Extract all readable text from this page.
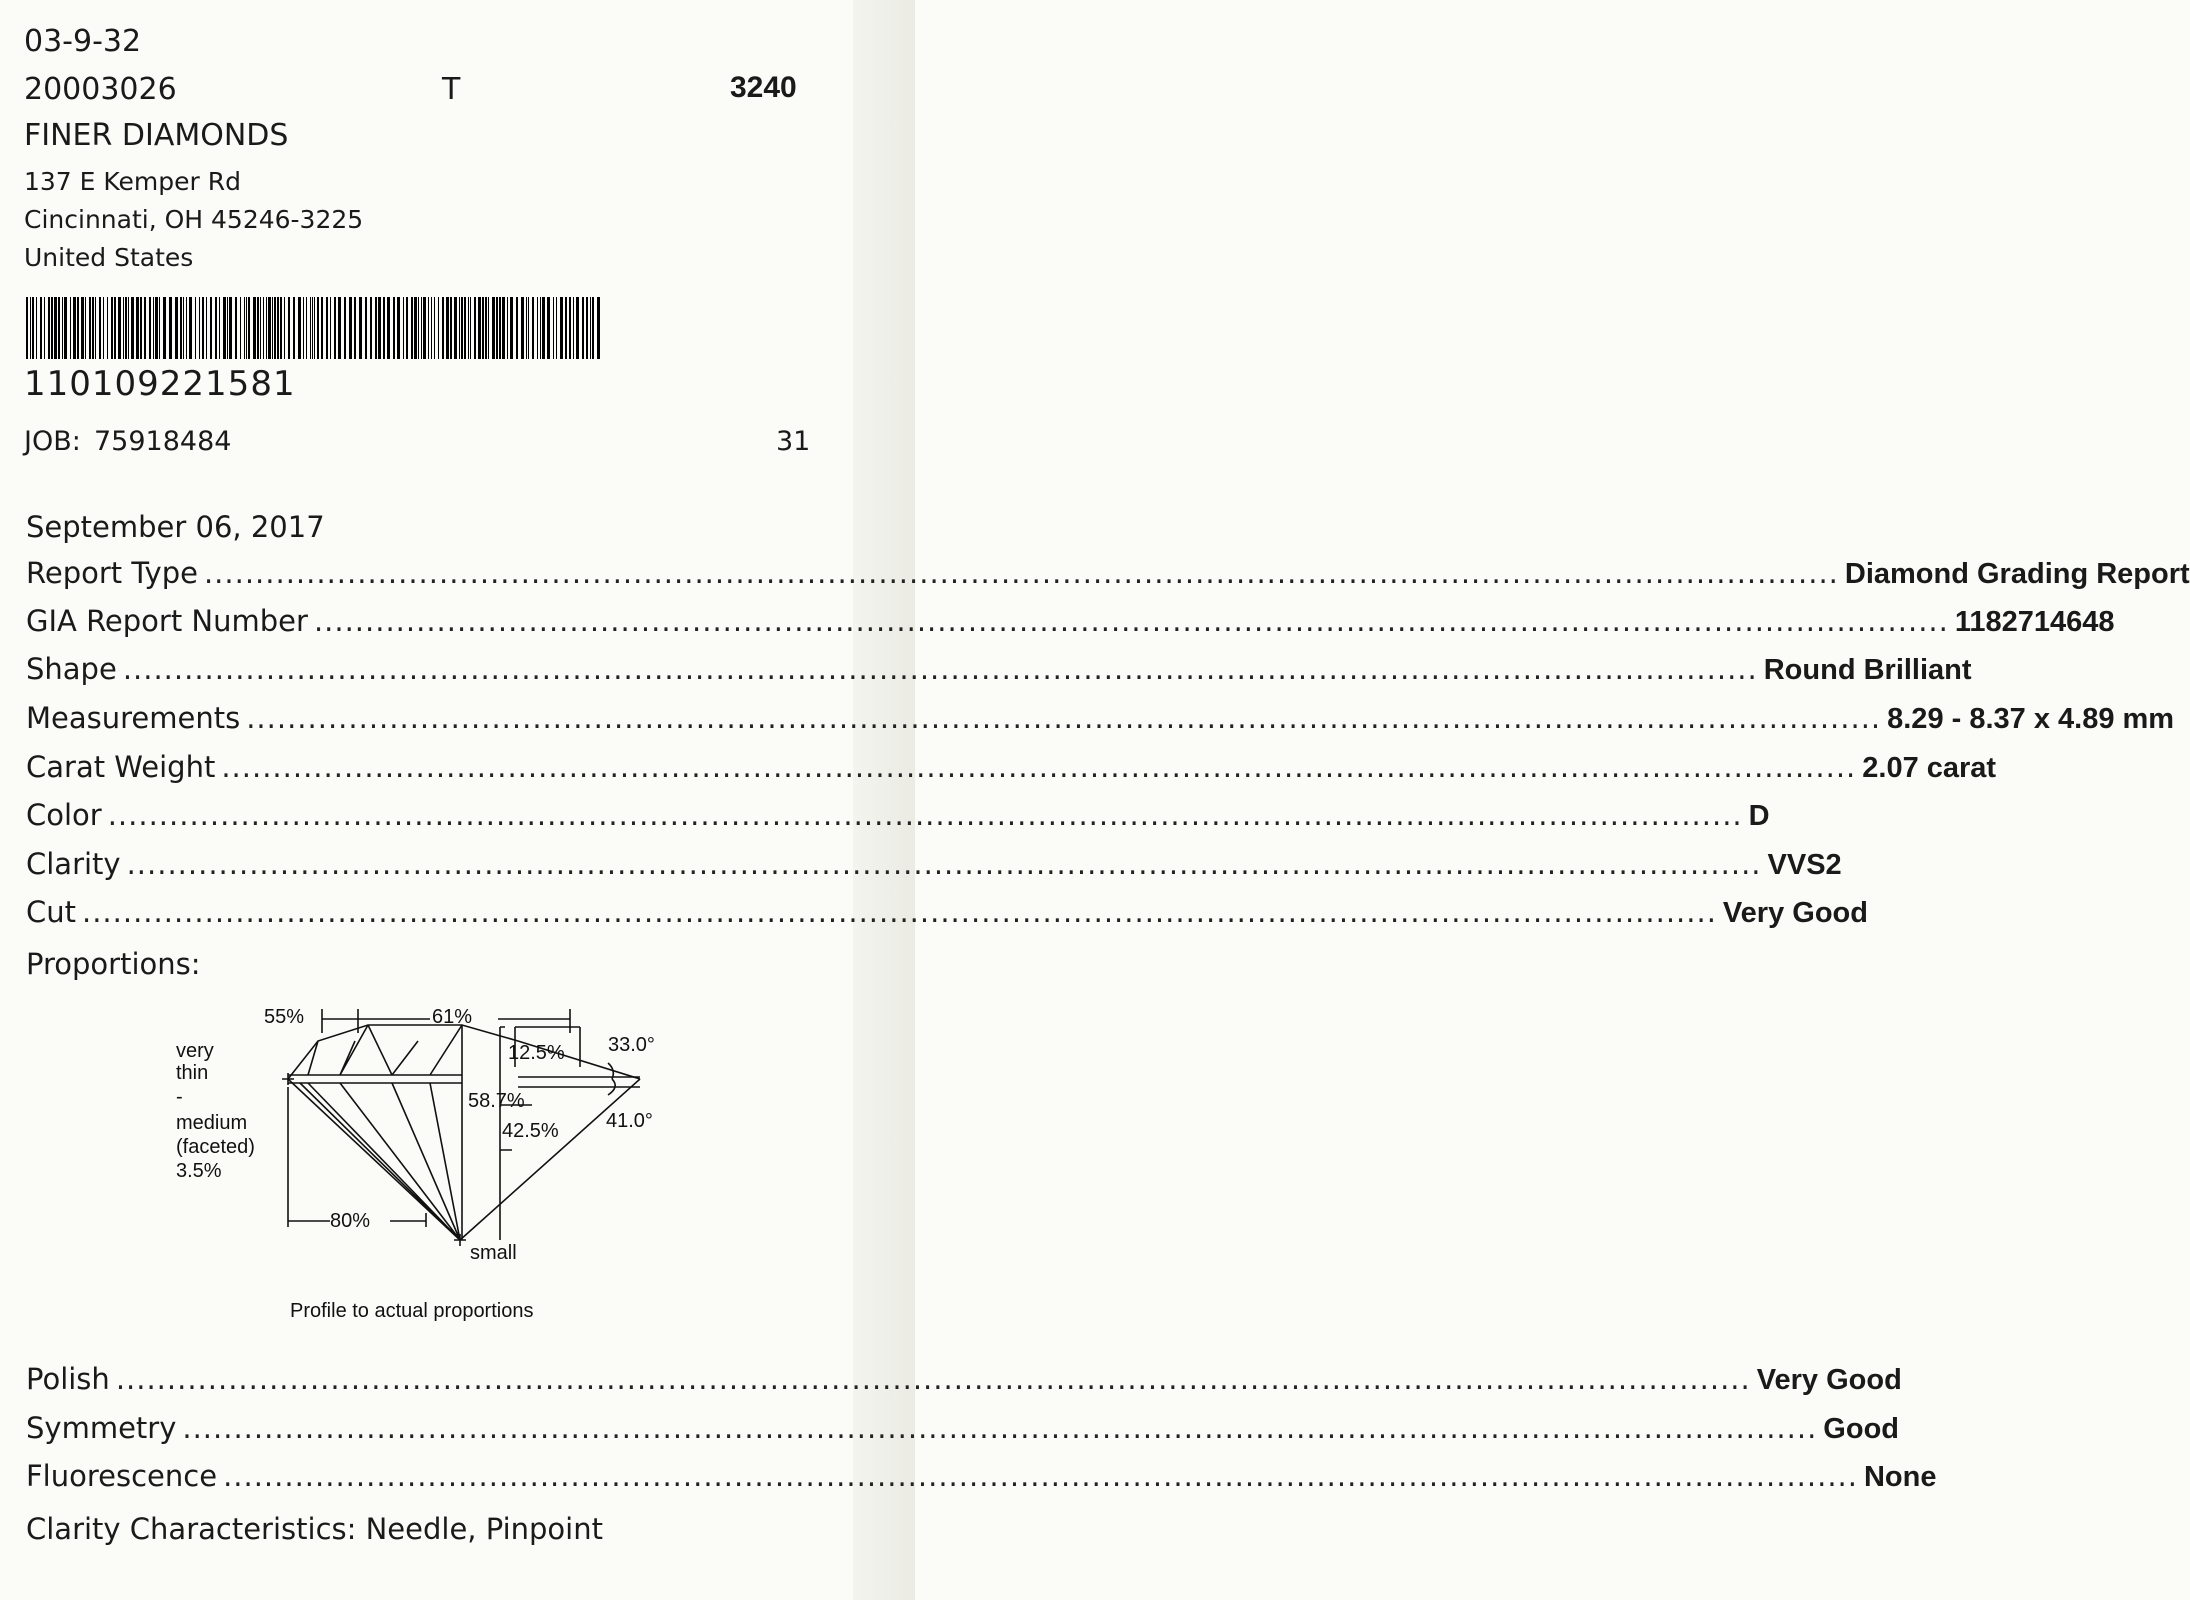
03-9-32
20003026	T	3240
FINER DIAMONDS
137 E Kemper Rd
Cincinnati, OH 45246-3225
United States
110109221581
JOB: 75918484	31
September 06, 2017
Report Type ................................................................................................................................................................ Diamond Grading Report
GIA Report Number ................................................................................................................................................................ 1182714648
Shape ................................................................................................................................................................ Round Brilliant
Measurements ................................................................................................................................................................ 8.29 - 8.37 x 4.89 mm
Carat Weight ................................................................................................................................................................ 2.07 carat
Color ................................................................................................................................................................ D
Clarity ................................................................................................................................................................ VVS2
Cut ................................................................................................................................................................ Very Good
Proportions:
55%	61%
12.5% 33.0°
very
thin
-
medium
(faceted)
3.5%
58.7%
42.5% 41.0°
80%
small
Profile to actual proportions
Polish ................................................................................................................................................................ Very Good
Symmetry ................................................................................................................................................................ Good
Fluorescence ................................................................................................................................................................ None
Clarity Characteristics: Needle, Pinpoint
